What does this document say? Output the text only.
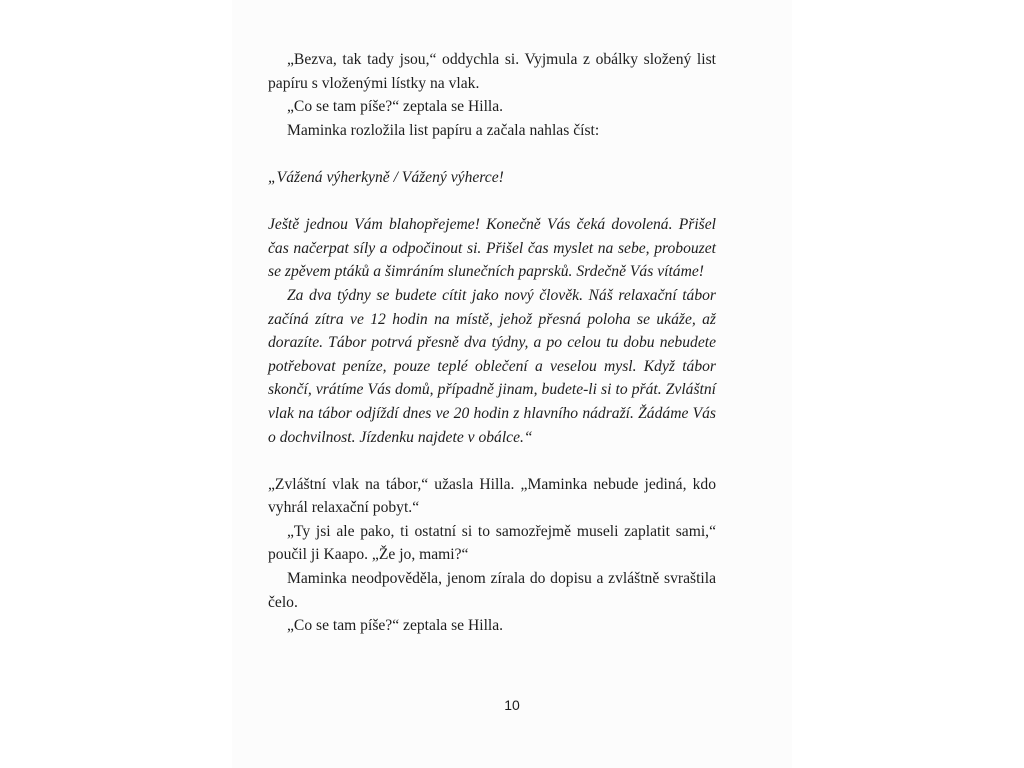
„Bezva, tak tady jsou,“ oddychla si. Vyjmula z obálky složený list papíru s vloženými lístky na vlak.

„Co se tam píše?“ zeptala se Hilla.

Maminka rozložila list papíru a začala nahlas číst:

„Vážená výherkyně / Vážený výherce!

Ještě jednou Vám blahopřejeme! Konečně Vás čeká dovolená. Přišel čas načerpat síly a odpočinout si. Přišel čas myslet na sebe, probouzet se zpěvem ptáků a šimráním slunečních paprsků. Srdečně Vás vítáme!

Za dva týdny se budete cítit jako nový člověk. Náš relaxační tábor začíná zítra ve 12 hodin na místě, jehož přesná poloha se ukáže, až dorazíte. Tábor potrvá přesně dva týdny, a po celou tu dobu nebudete potřebovat peníze, pouze teplé oblečení a veselou mysl. Když tábor skončí, vrátíme Vás domů, případně jinam, budete-li si to přát. Zvláštní vlak na tábor odjíždí dnes ve 20 hodin z hlavního nádraží. Žádáme Vás o dochvilnost. Jízdenku najdete v obálce.“

„Zvláštní vlak na tábor,“ užasla Hilla. „Maminka nebude jediná, kdo vyhrál relaxační pobyt.“

„Ty jsi ale pako, ti ostatní si to samozřejmě museli zaplatit sami,“ poučil ji Kaapo. „Že jo, mami?“

Maminka neodpověděla, jenom zírala do dopisu a zvláštně svraštila čelo.

„Co se tam píše?“ zeptala se Hilla.

10
